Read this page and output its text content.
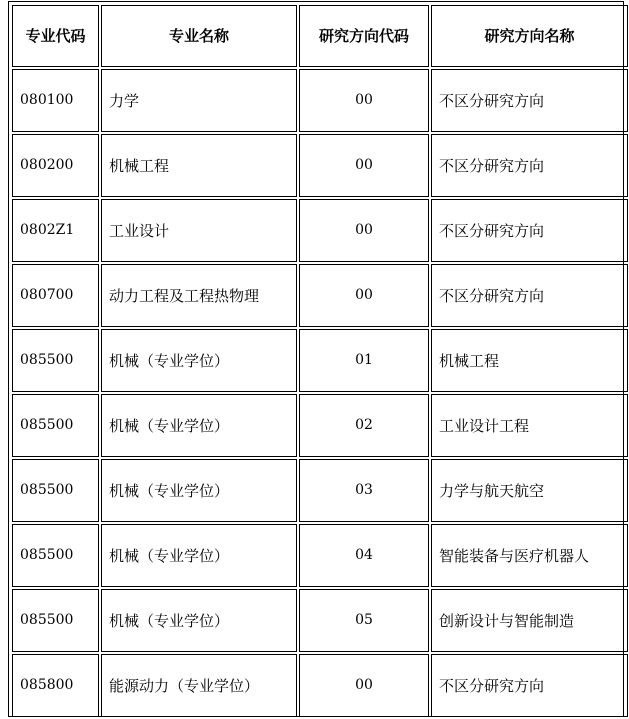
专业代码	专业名称	研究方向代码	研究方向名称
080100	力学	00	不区分研究方向
080200	机械工程	00	不区分研究方向
0802Z1	工业设计	00	不区分研究方向
080700	动力工程及工程热物理	00	不区分研究方向
085500	机械（专业学位）	01	机械工程
085500	机械（专业学位）	02	工业设计工程
085500	机械（专业学位）	03	力学与航天航空
085500	机械（专业学位）	04	智能装备与医疗机器人
085500	机械（专业学位）	05	创新设计与智能制造
085800	能源动力（专业学位）	00	不区分研究方向
